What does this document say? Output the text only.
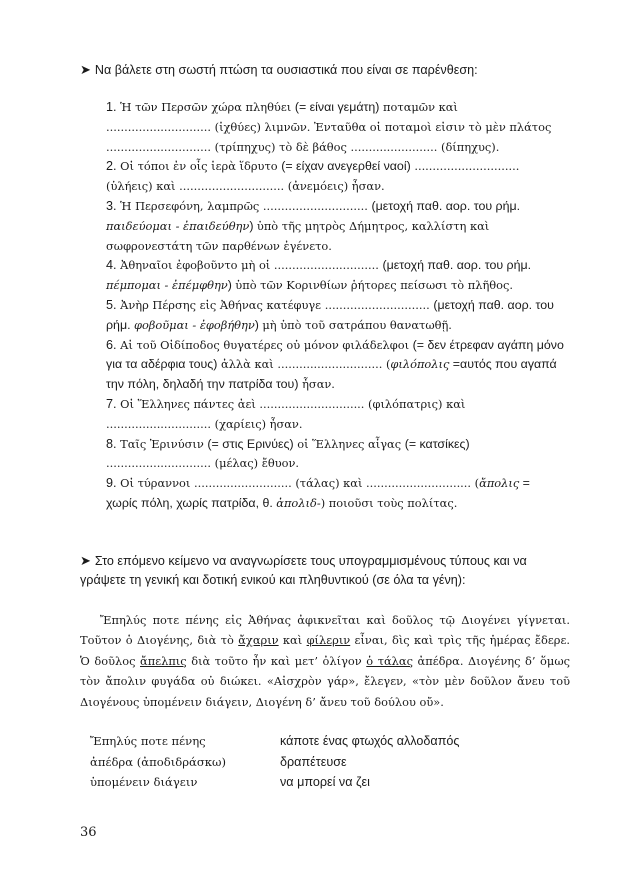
➤ Να βάλετε στη σωστή πτώση τα ουσιαστικά που είναι σε παρένθεση:
1. Ἡ τῶν Περσῶν χώρα πληθύει (= είναι γεμάτη) ποταμῶν καὶ ............................. (ἰχθύες) λιμνῶν. Ἐνταῦθα οἱ ποταμοὶ εἰσιν τὸ μὲν πλάτος ............................. (τρίπηχυς) τὸ δὲ βάθος ........................ (δίπηχυς).
2. Οἱ τόποι ἐν οἷς ἱερὰ ἵδρυτο (= είχαν ανεγερθεί ναοί) ............................. (ὑλήεις) καὶ ............................. (ἀνεμόεις) ἦσαν.
3. Ἡ Περσεφόνη, λαμπρῶς ............................. (μετοχή παθ. αορ. του ρήμ. παιδεύομαι - ἐπαιδεύθην) ὑπὸ τῆς μητρὸς Δήμητρος, καλλίστη καὶ σωφρονεστάτη τῶν παρθένων ἐγένετο.
4. Ἀθηναῖοι ἐφοβοῦντο μὴ οἱ ............................. (μετοχή παθ. αορ. του ρήμ. πέμπομαι - ἐπέμφθην) ὑπὸ τῶν Κορινθίων ῥήτορες πείσωσι τὸ πλῆθος.
5. Ἀνὴρ Πέρσης εἰς Ἀθήνας κατέφυγε ............................. (μετοχή παθ. αορ. του ρήμ. φοβοῦμαι - ἐφοβήθην) μὴ ὑπὸ τοῦ σατράπου θανατωθῇ.
6. Αἱ τοῦ Οἰδίποδος θυγατέρες οὐ μόνον φιλάδελφοι (= δεν έτρεφαν αγάπη μόνο για τα αδέρφια τους) ἀλλὰ καὶ ............................. (φιλόπολις =αυτός που αγαπά την πόλη, δηλαδή την πατρίδα του) ἦσαν.
7. Οἱ Ἕλληνες πάντες ἀεὶ ............................. (φιλόπατρις) καὶ ............................. (χαρίεις) ἦσαν.
8. Ταῖς Ἐρινύσιν (= στις Ερινύες) οἱ Ἕλληνες αἶγας (= κατσίκες) ............................. (μέλας) ἔθυον.
9. Οἱ τύραννοι ........................... (τάλας) καὶ ............................. (ἄπολις = χωρίς πόλη, χωρίς πατρίδα, θ. ἀπολιδ-) ποιοῦσι τοὺς πολίτας.
➤ Στο επόμενο κείμενο να αναγνωρίσετε τους υπογραμμισμένους τύπους και να
γράψετε τη γενική και δοτική ενικού και πληθυντικού (σε όλα τα γένη):
Ἔπηλύς ποτε πένης εἰς Ἀθήνας ἀφικνεῖται καὶ δοῦλος τῷ Διογένει γίγνεται. Τοῦτον ὁ Διογένης, διὰ τὸ ἄχαριν καὶ φίλεριν εἶναι, δὶς καὶ τρὶς τῆς ἡμέρας ἔδερε. Ὁ δοῦλος ἄπελπις διὰ τοῦτο ἦν καὶ μετ’ ὀλίγον ὁ τάλας ἀπέδρα. Διογένης δ’ ὅμως τὸν ἄπολιν φυγάδα οὐ διώκει. «Αἰσχρὸν γάρ», ἔλεγεν, «τὸν μὲν δοῦλον ἄνευ τοῦ Διογένους ὑπομένειν διάγειν, Διογένη δ’ ἄνευ τοῦ δούλου οὔ».
Ἔπηλύς ποτε πένης	κάποτε ένας φτωχός αλλοδαπός
ἀπέδρα (ἀποδιδράσκω)	δραπέτευσε
ὑπομένειν διάγειν	να μπορεί να ζει
36
